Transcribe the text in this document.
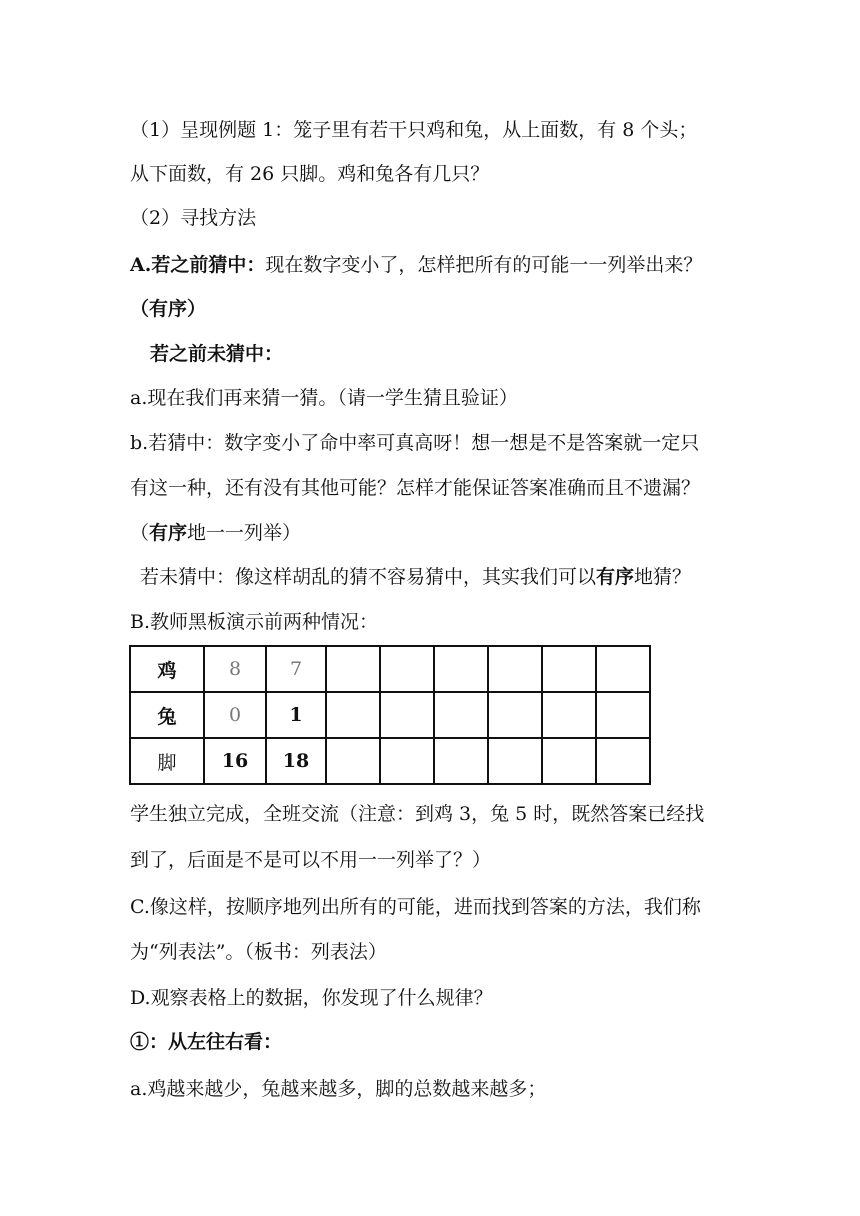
（1）呈现例题 1：笼子里有若干只鸡和兔，从上面数，有 8 个头；
从下面数，有 26 只脚。鸡和兔各有几只？
（2）寻找方法
A.若之前猜中：现在数字变小了，怎样把所有的可能一一列举出来？
（有序）
若之前未猜中：
a.现在我们再来猜一猜。（请一学生猜且验证）
b.若猜中：数字变小了命中率可真高呀！想一想是不是答案就一定只
有这一种，还有没有其他可能？怎样才能保证答案准确而且不遗漏？
（有序地一一列举）
若未猜中：像这样胡乱的猜不容易猜中，其实我们可以有序地猜？
B.教师黑板演示前两种情况：
鸡	8	7						
兔	0	1						
脚	16	18						
学生独立完成，全班交流（注意：到鸡 3，兔 5 时，既然答案已经找
到了，后面是不是可以不用一一列举了？）
C.像这样，按顺序地列出所有的可能，进而找到答案的方法，我们称
为“列表法”。（板书：列表法）
D.观察表格上的数据，你发现了什么规律？
①：从左往右看：
a.鸡越来越少，兔越来越多，脚的总数越来越多；
